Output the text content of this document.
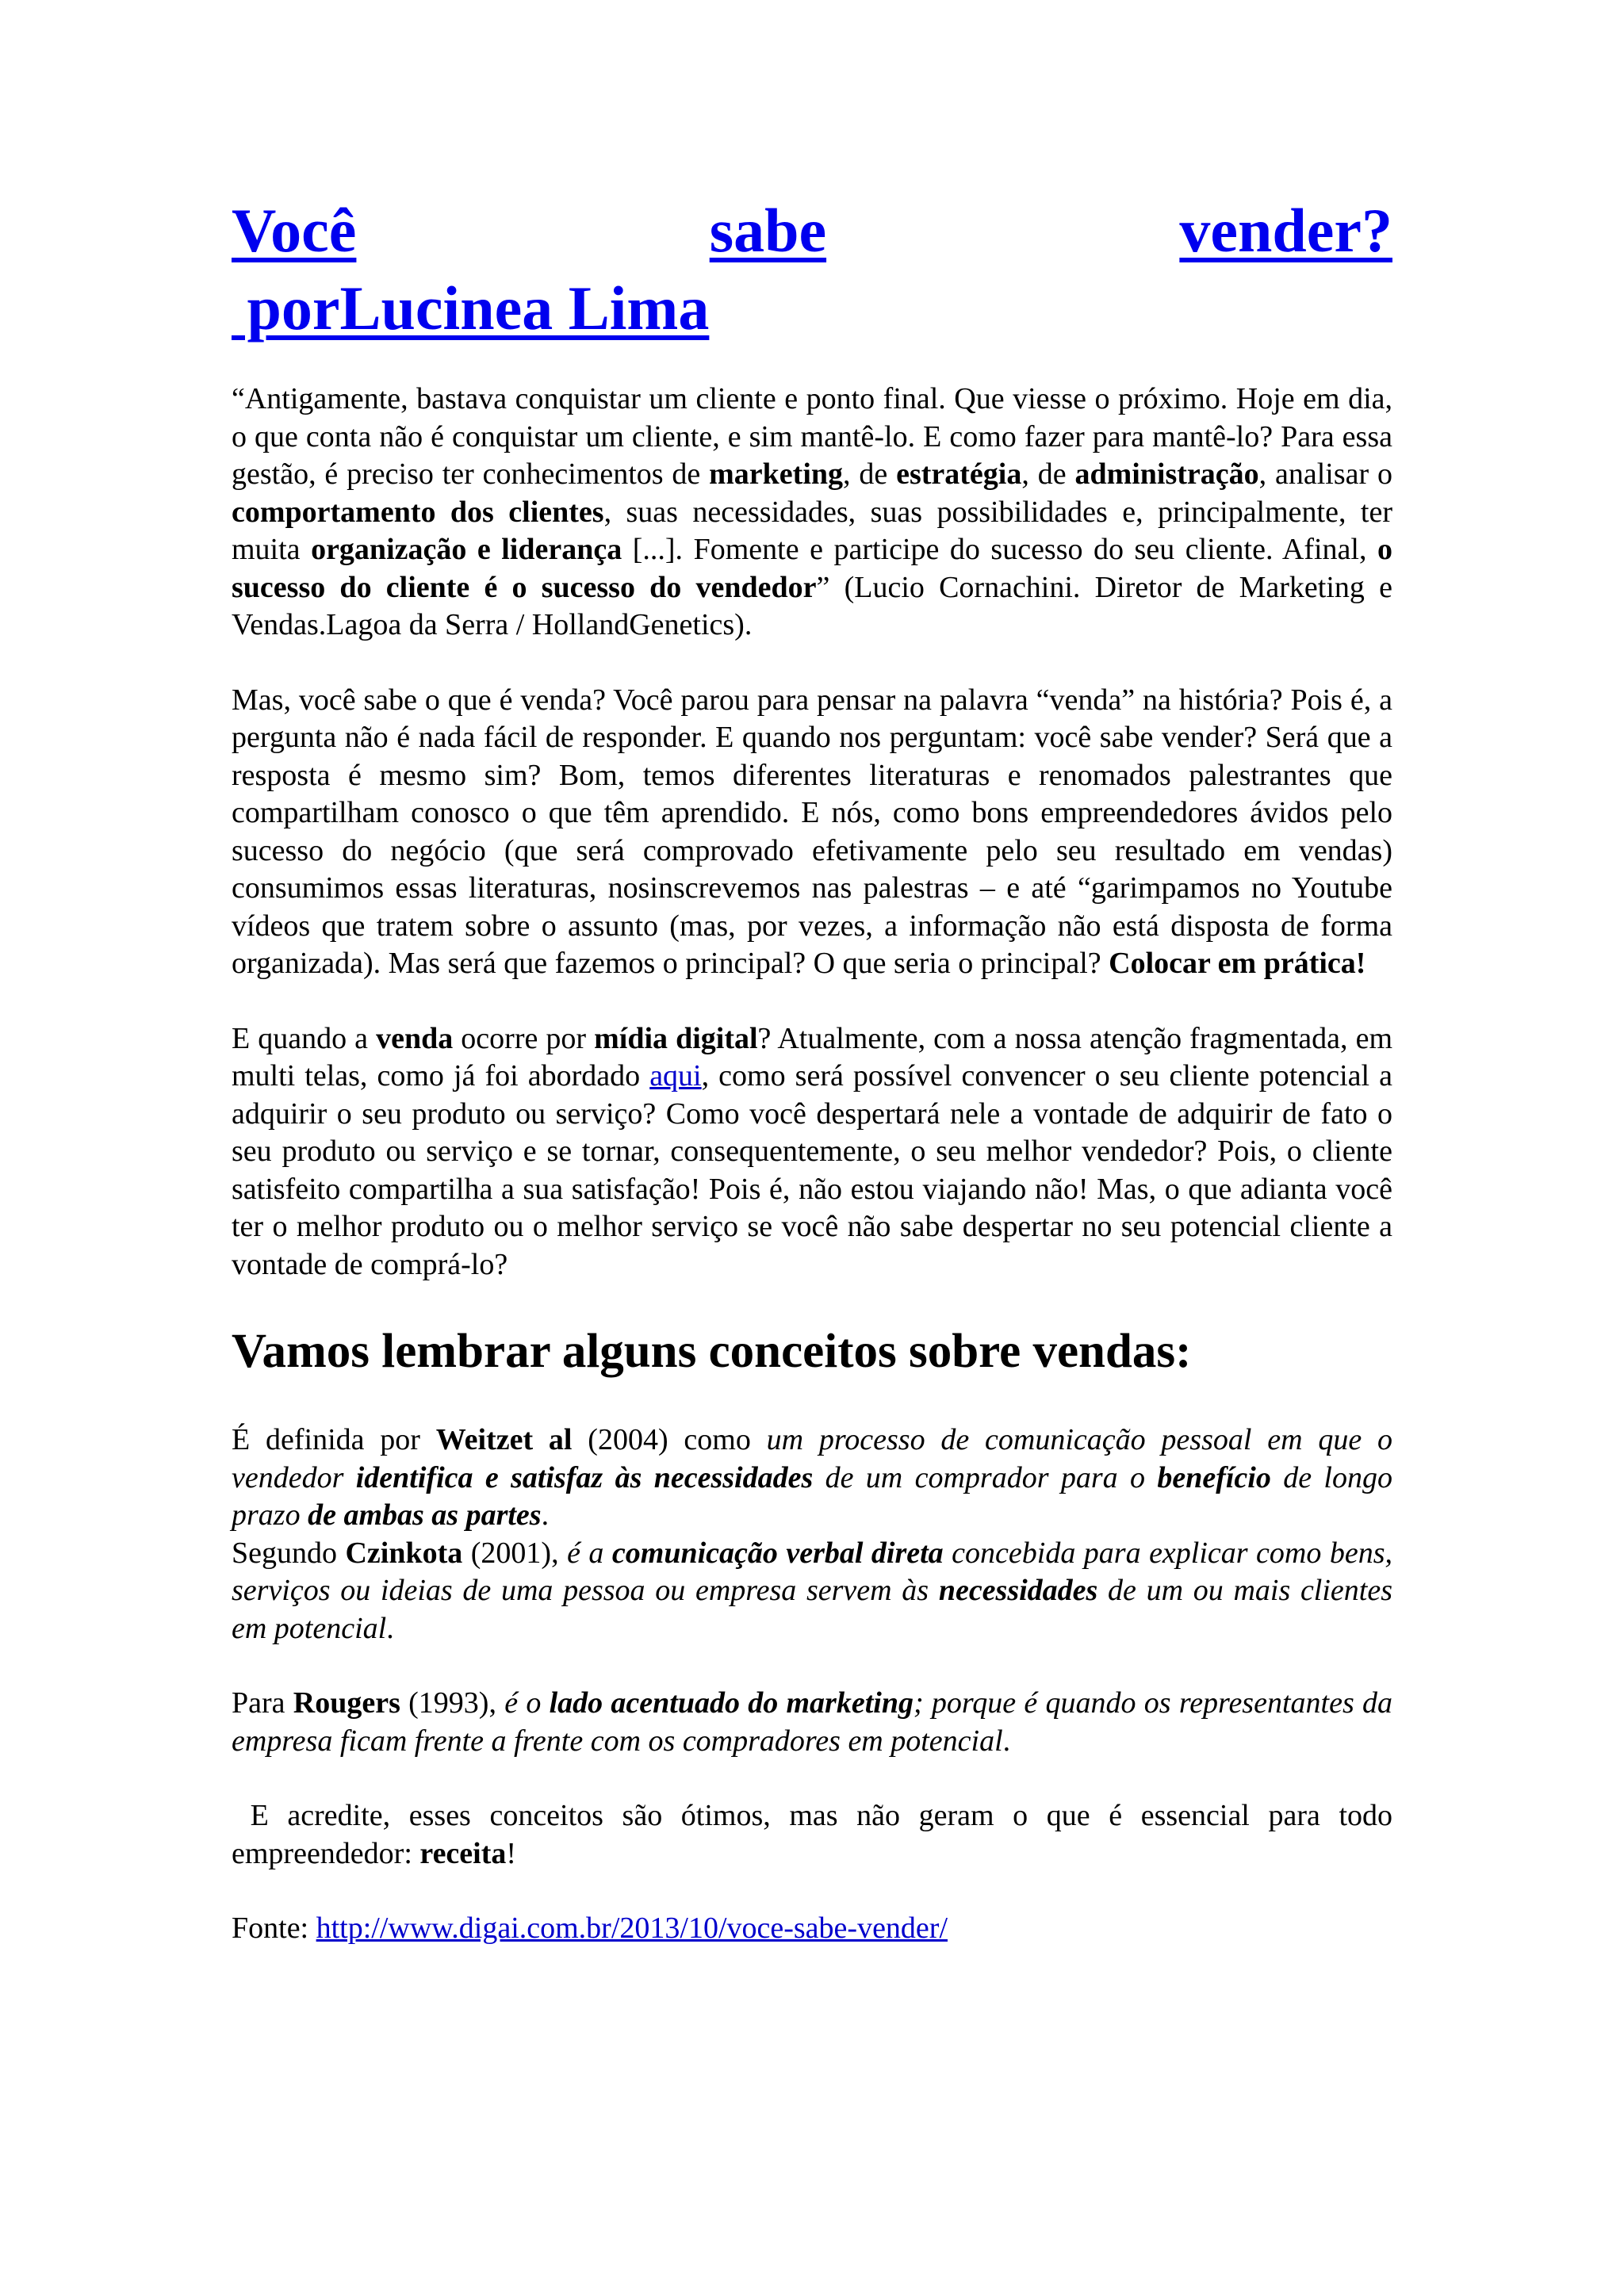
Você	sabe	vender?
porLucinea Lima

“Antigamente, bastava conquistar um cliente e ponto final. Que viesse o próximo. Hoje em dia, o que conta não é conquistar um cliente, e sim mantê-lo. E como fazer para mantê-lo? Para essa gestão, é preciso ter conhecimentos de marketing, de estratégia, de administração, analisar o comportamento dos clientes, suas necessidades, suas possibilidades e, principalmente, ter muita organização e liderança [...]. Fomente e participe do sucesso do seu cliente. Afinal, o sucesso do cliente é o sucesso do vendedor” (Lucio Cornachini. Diretor de Marketing e Vendas.Lagoa da Serra / HollandGenetics).

Mas, você sabe o que é venda? Você parou para pensar na palavra “venda” na história? Pois é, a pergunta não é nada fácil de responder. E quando nos perguntam: você sabe vender? Será que a resposta é mesmo sim? Bom, temos diferentes literaturas e renomados palestrantes que compartilham conosco o que têm aprendido. E nós, como bons empreendedores ávidos pelo sucesso do negócio (que será comprovado efetivamente pelo seu resultado em vendas) consumimos essas literaturas, nosinscrevemos nas palestras – e até “garimpamos no Youtube vídeos que tratem sobre o assunto (mas, por vezes, a informação não está disposta de forma organizada). Mas será que fazemos o principal? O que seria o principal? Colocar em prática!

E quando a venda ocorre por mídia digital? Atualmente, com a nossa atenção fragmentada, em multi telas, como já foi abordado aqui, como será possível convencer o seu cliente potencial a adquirir o seu produto ou serviço? Como você despertará nele a vontade de adquirir de fato o seu produto ou serviço e se tornar, consequentemente, o seu melhor vendedor? Pois, o cliente satisfeito compartilha a sua satisfação! Pois é, não estou viajando não! Mas, o que adianta você ter o melhor produto ou o melhor serviço se você não sabe despertar no seu potencial cliente a vontade de comprá-lo?

Vamos lembrar alguns conceitos sobre vendas:

É definida por Weitzet al (2004) como um processo de comunicação pessoal em que o vendedor identifica e satisfaz às necessidades de um comprador para o benefício de longo prazo de ambas as partes.

Segundo Czinkota (2001), é a comunicação verbal direta concebida para explicar como bens, serviços ou ideias de uma pessoa ou empresa servem às necessidades de um ou mais clientes em potencial.

Para Rougers (1993), é o lado acentuado do marketing; porque é quando os representantes da empresa ficam frente a frente com os compradores em potencial.

E acredite, esses conceitos são ótimos, mas não geram o que é essencial para todo empreendedor: receita!

Fonte: http://www.digai.com.br/2013/10/voce-sabe-vender/
